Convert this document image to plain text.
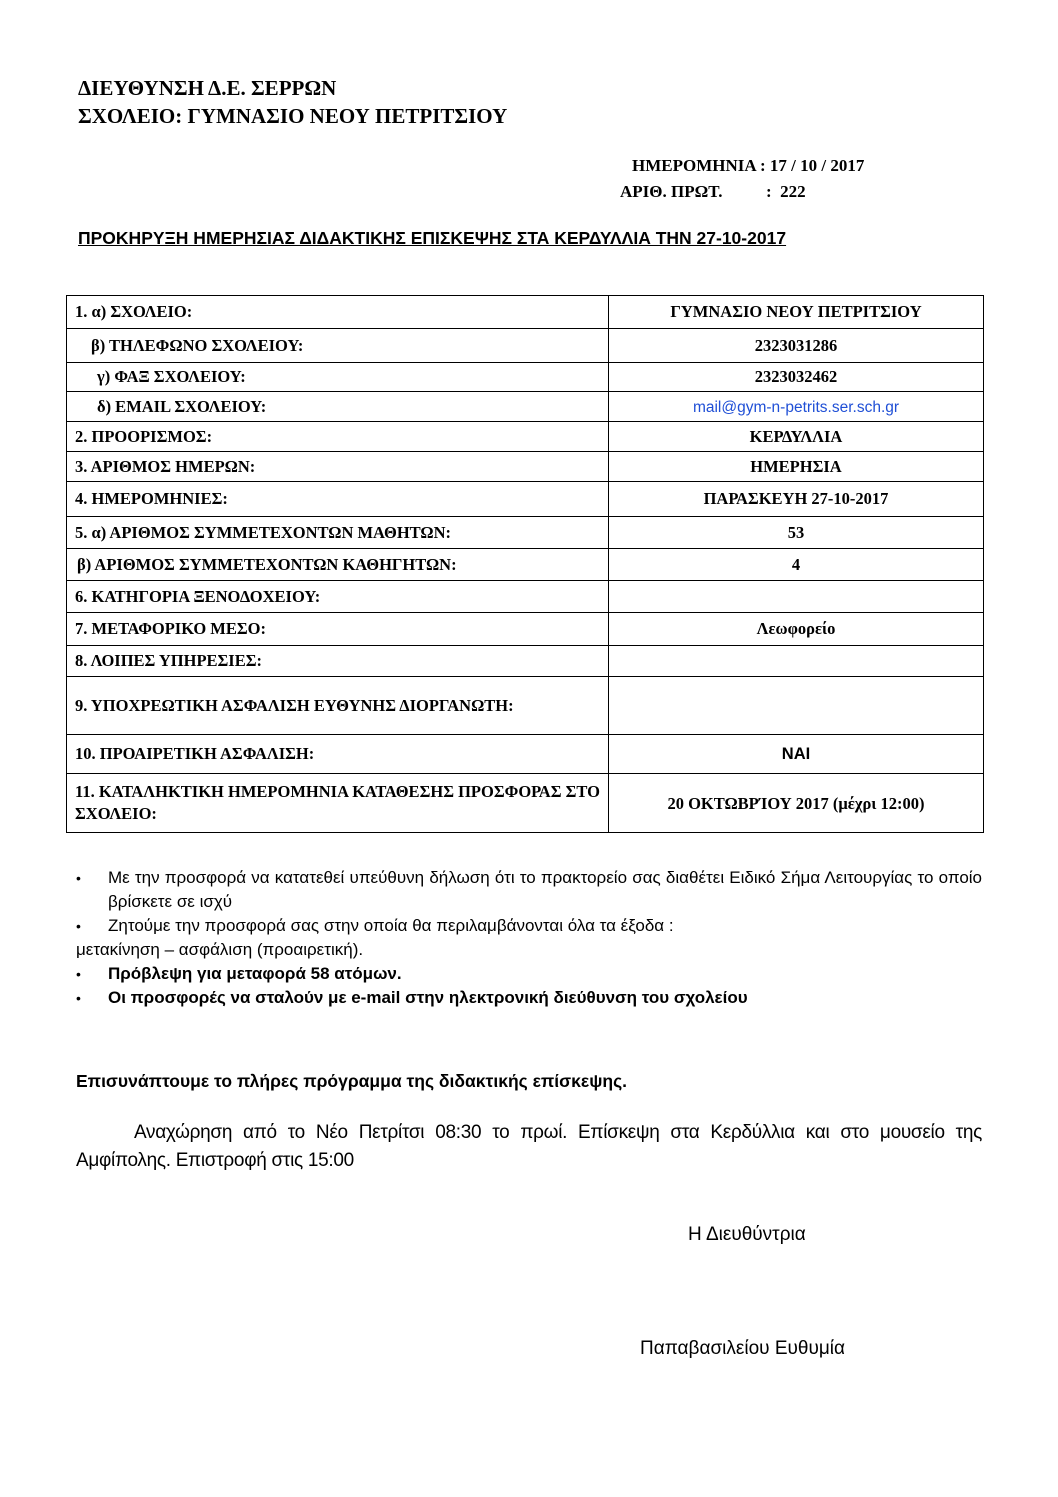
ΔΙΕΥΘΥΝΣΗ Δ.Ε. ΣΕΡΡΩΝ
ΣΧΟΛΕΙΟ: ΓΥΜΝΑΣΙΟ ΝΕΟΥ ΠΕΤΡΙΤΣΙΟΥ
ΗΜΕΡΟΜΗΝΙΑ : 17 / 10 / 2017
ΑΡΙΘ. ΠΡΩΤ.	: 222
ΠΡΟΚΗΡΥΞΗ ΗΜΕΡΗΣΙΑΣ ΔΙΔΑΚΤΙΚΗΣ ΕΠΙΣΚΕΨΗΣ ΣΤΑ ΚΕΡΔΥΛΛΙΑ ΤΗΝ 27-10-2017
1. α) ΣΧΟΛΕΙΟ:	ΓΥΜΝΑΣΙΟ ΝΕΟΥ ΠΕΤΡΙΤΣΙΟΥ
β) ΤΗΛΕΦΩΝΟ ΣΧΟΛΕΙΟΥ:	2323031286
γ) ΦΑΞ ΣΧΟΛΕΙΟΥ:	2323032462
δ) EMAIL ΣΧΟΛΕΙΟΥ:	mail@gym-n-petrits.ser.sch.gr
2. ΠΡΟΟΡΙΣΜΟΣ:	ΚΕΡΔΥΛΛΙΑ
3. ΑΡΙΘΜΟΣ ΗΜΕΡΩΝ:	ΗΜΕΡΗΣΙΑ
4. ΗΜΕΡΟΜΗΝΙΕΣ:	ΠΑΡΑΣΚΕΥΗ 27-10-2017
5. α) ΑΡΙΘΜΟΣ ΣΥΜΜΕΤΕΧΟΝΤΩΝ ΜΑΘΗΤΩΝ:	53
β) ΑΡΙΘΜΟΣ ΣΥΜΜΕΤΕΧΟΝΤΩΝ ΚΑΘΗΓΗΤΩΝ:	4
6. ΚΑΤΗΓΟΡΙΑ ΞΕΝΟΔΟΧΕΙΟΥ:	
7. ΜΕΤΑΦΟΡΙΚΟ ΜΕΣΟ:	Λεωφορείο
8. ΛΟΙΠΕΣ ΥΠΗΡΕΣΙΕΣ:	
9. ΥΠΟΧΡΕΩΤΙΚΗ ΑΣΦΑΛΙΣΗ ΕΥΘΥΝΗΣ ΔΙΟΡΓΑΝΩΤΗ:	
10. ΠΡΟΑΙΡΕΤΙΚΗ ΑΣΦΑΛΙΣΗ:	ΝΑΙ
11. ΚΑΤΑΛΗΚΤΙΚΗ ΗΜΕΡΟΜΗΝΙΑ ΚΑΤΑΘΕΣΗΣ ΠΡΟΣΦΟΡΑΣ ΣΤΟ ΣΧΟΛΕΙΟ:	20 ΟΚΤΩΒΡΊΟΥ 2017 (μέχρι 12:00)
•	Με την προσφορά να κατατεθεί υπεύθυνη δήλωση ότι το πρακτορείο σας διαθέτει Ειδικό Σήμα Λειτουργίας το οποίο βρίσκετε σε ισχύ
•	Ζητούμε την προσφορά σας στην οποία θα περιλαμβάνονται όλα τα έξοδα :
μετακίνηση – ασφάλιση (προαιρετική).
•	Πρόβλεψη για μεταφορά 58 ατόμων.
•	Οι προσφορές να σταλούν με e-mail στην ηλεκτρονική διεύθυνση του σχολείου
Επισυνάπτουμε το πλήρες πρόγραμμα της διδακτικής επίσκεψης.
Αναχώρηση από το Νέο Πετρίτσι 08:30 το πρωί. Επίσκεψη στα Κερδύλλια και στο μουσείο της Αμφίπολης. Επιστροφή στις 15:00
Η Διευθύντρια
Παπαβασιλείου Ευθυμία
